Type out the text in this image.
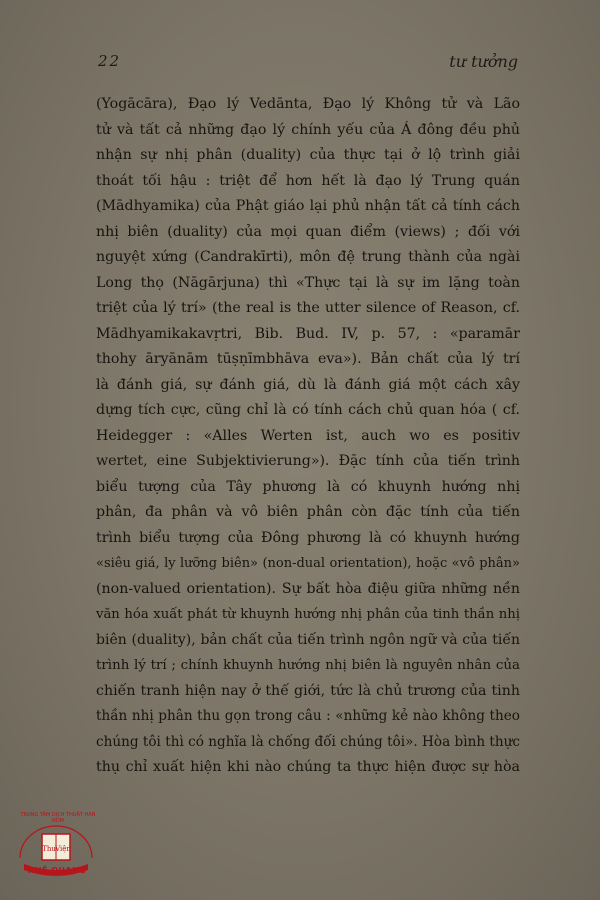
22	tư tưởng
(Yogācāra), Đạo lý Vedānta, Đạo lý Không tử và Lão
tử và tất cả những đạo lý chính yếu của Á đông đều phủ
nhận sự nhị phân (duality) của thực tại ở lộ trình giải
thoát tối hậu : triệt để hơn hết là đạo lý Trung quán
(Mādhyamika) của Phật giáo lại phủ nhận tất cả tính cách
nhị biên (duality) của mọi quan điểm (views) ; đối với
nguyệt xứng (Candrakīrti), môn đệ trung thành của ngài
Long thọ (Nāgārjuna) thì «Thực tại là sự im lặng toàn
triệt của lý trí» (the real is the utter silence of Reason, cf.
Mādhyamikakavṛtri, Bib. Bud. IV, p. 57, : «paramār
thohy āryānām tūṣṇīmbhāva eva»). Bản chất của lý trí
là đánh giá, sự đánh giá, dù là đánh giá một cách xây
dựng tích cực, cũng chỉ là có tính cách chủ quan hóa ( cf.
Heidegger : «Alles Werten ist, auch wo es positiv
wertet, eine Subjektivierung»). Đặc tính của tiến trình
biểu tượng của Tây phương là có khuynh hướng nhị
phân, đa phân và vô biên phân còn đặc tính của tiến
trình biểu tượng của Đông phương là có khuynh hướng
«siêu giá, ly lưỡng biên» (non-dual orientation), hoặc «vô phân»
(non-valued orientation). Sự bất hòa điệu giữa những nền
văn hóa xuất phát từ khuynh hướng nhị phân của tinh thần nhị
biên (duality), bản chất của tiến trình ngôn ngữ và của tiến
trình lý trí ; chính khuynh hướng nhị biên là nguyên nhân của
chiến tranh hiện nay ở thế giới, tức là chủ trương của tinh
thần nhị phân thu gọn trong câu : «những kẻ nào không theo
chúng tôi thì có nghĩa là chống đối chúng tôi». Hòa bình thực
thụ chỉ xuất hiện khi nào chúng ta thực hiện được sự hòa
Thư Viện
TRUNG TÂM DỊCH THUẬT HÁN NÔM
HUỆ QUANG
